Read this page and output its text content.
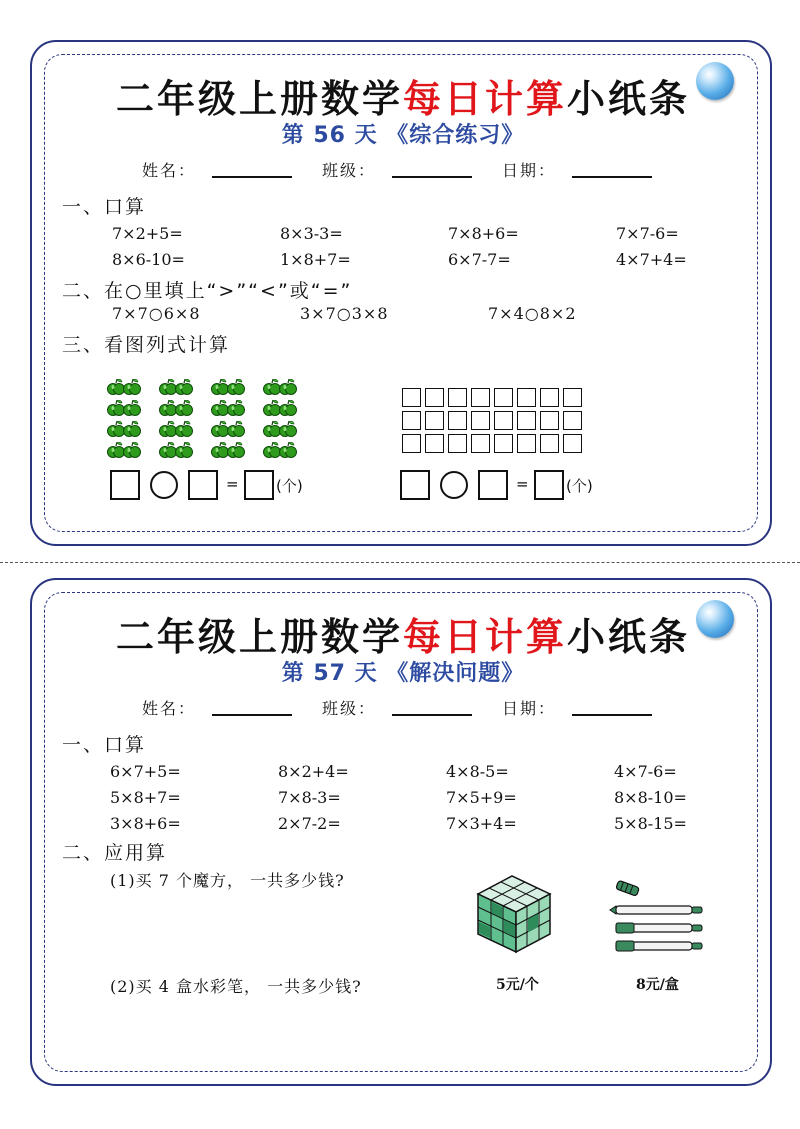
二年级上册数学每日计算小纸条
第 56 天 《综合练习》
姓名：	班级：	日期：
一、口算
7×2+5=	8×3-3=	7×8+6=	7×7-6=
8×6-10=	1×8+7=	6×7-7=	4×7+4=
二、在○里填上“>”“<”或“=”
7×7○6×8	3×7○3×8	7×4○8×2
三、看图列式计算
= (个)	= (个)
二年级上册数学每日计算小纸条
第 57 天 《解决问题》
姓名：	班级：	日期：
一、口算
6×7+5=	8×2+4=	4×8-5=	4×7-6=
5×8+7=	7×8-3=	7×5+9=	8×8-10=
3×8+6=	2×7-2=	7×3+4=	5×8-15=
二、应用算
(1)买 7 个魔方， 一共多少钱?
(2)买 4 盒水彩笔， 一共多少钱?	5元/个	8元/盒
